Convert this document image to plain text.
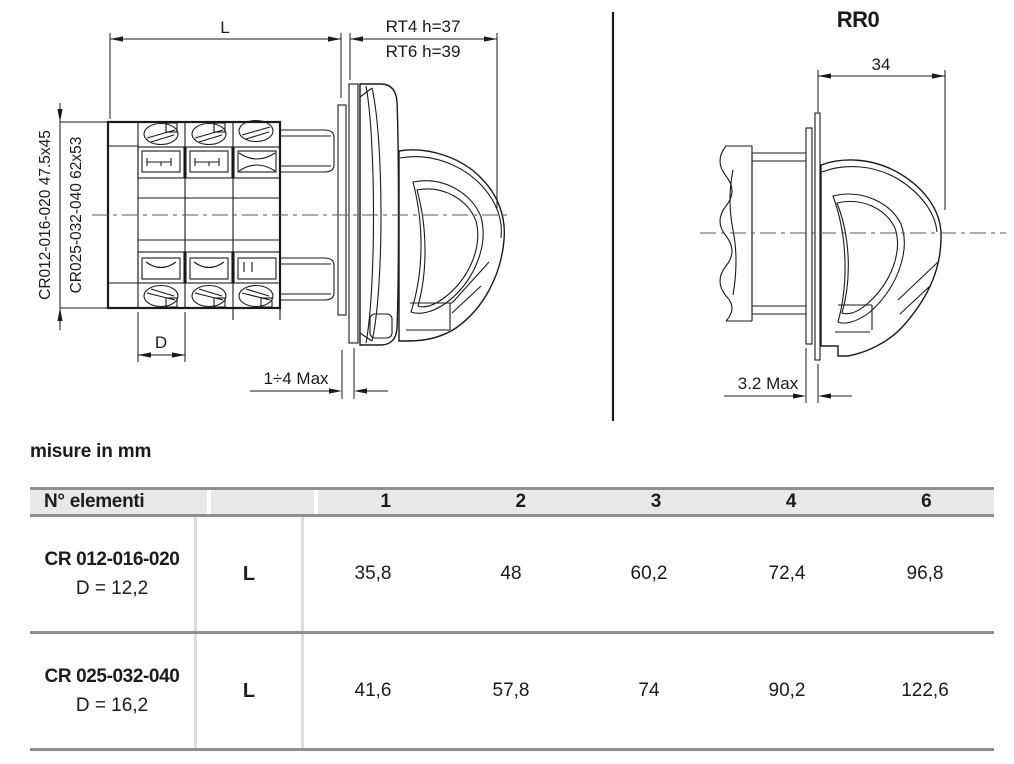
L	RT4 h=37
RT6 h=39
CR012-016-020 47.5x45 CR025-032-040 62x53
D
1÷4 Max
RR0
34
3.2 Max
misure in mm
N° elementi	1	2	3	4	6
CR 012-016-020
D = 12,2
L	35,8	48	60,2	72,4	96,8
CR 025-032-040
D = 16,2
L	41,6	57,8	74	90,2	122,6
